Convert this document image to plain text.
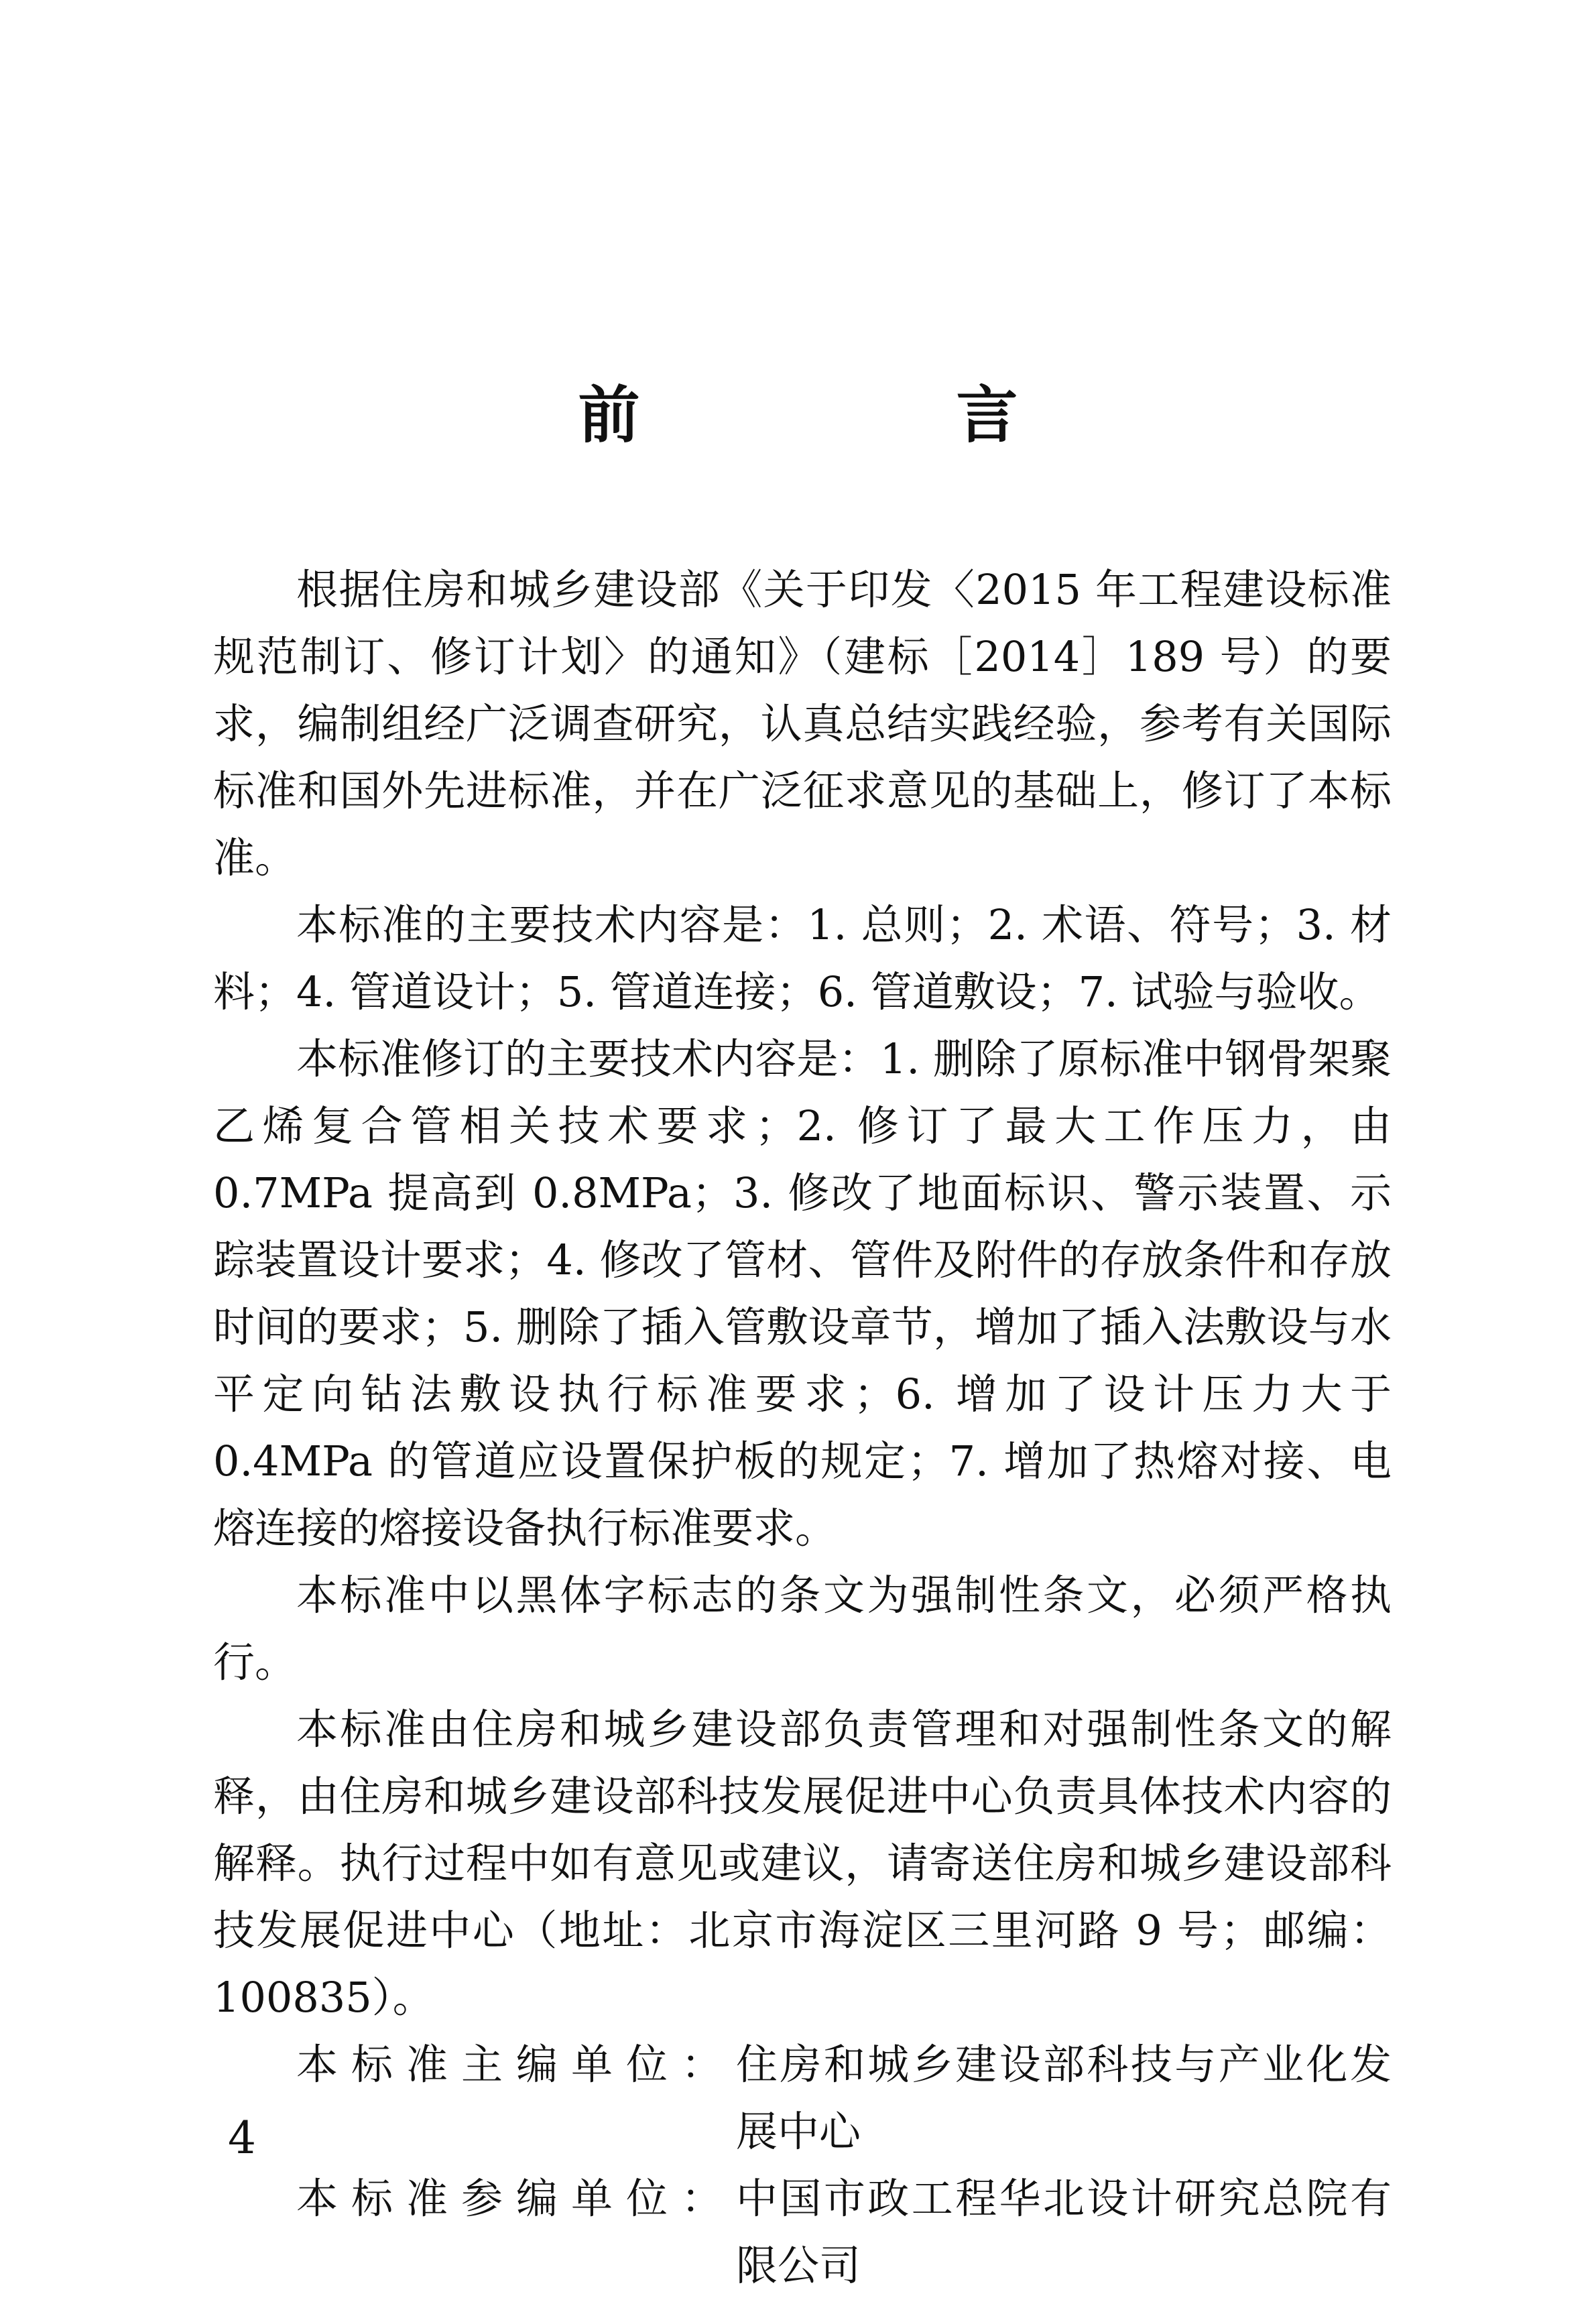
前　言

根据住房和城乡建设部《关于印发〈2015 年工程建设标准规范制订、修订计划〉的通知》（建标［2014］189 号）的要求，编制组经广泛调查研究，认真总结实践经验，参考有关国际标准和国外先进标准，并在广泛征求意见的基础上，修订了本标准。

本标准的主要技术内容是：1. 总则；2. 术语、符号；3. 材料；4. 管道设计；5. 管道连接；6. 管道敷设；7. 试验与验收。

本标准修订的主要技术内容是：1. 删除了原标准中钢骨架聚乙烯复合管相关技术要求；2. 修订了最大工作压力，由 0.7MPa 提高到 0.8MPa；3. 修改了地面标识、警示装置、示踪装置设计要求；4. 修改了管材、管件及附件的存放条件和存放时间的要求；5. 删除了插入管敷设章节，增加了插入法敷设与水平定向钻法敷设执行标准要求；6. 增加了设计压力大于 0.4MPa 的管道应设置保护板的规定；7. 增加了热熔对接、电熔连接的熔接设备执行标准要求。

本标准中以黑体字标志的条文为强制性条文，必须严格执行。

本标准由住房和城乡建设部负责管理和对强制性条文的解释，由住房和城乡建设部科技发展促进中心负责具体技术内容的解释。执行过程中如有意见或建议，请寄送住房和城乡建设部科技发展促进中心（地址：北京市海淀区三里河路 9 号；邮编：100835）。

本标准主编单位： 住房和城乡建设部科技与产业化发展中心
本标准参编单位： 中国市政工程华北设计研究总院有限公司
4
